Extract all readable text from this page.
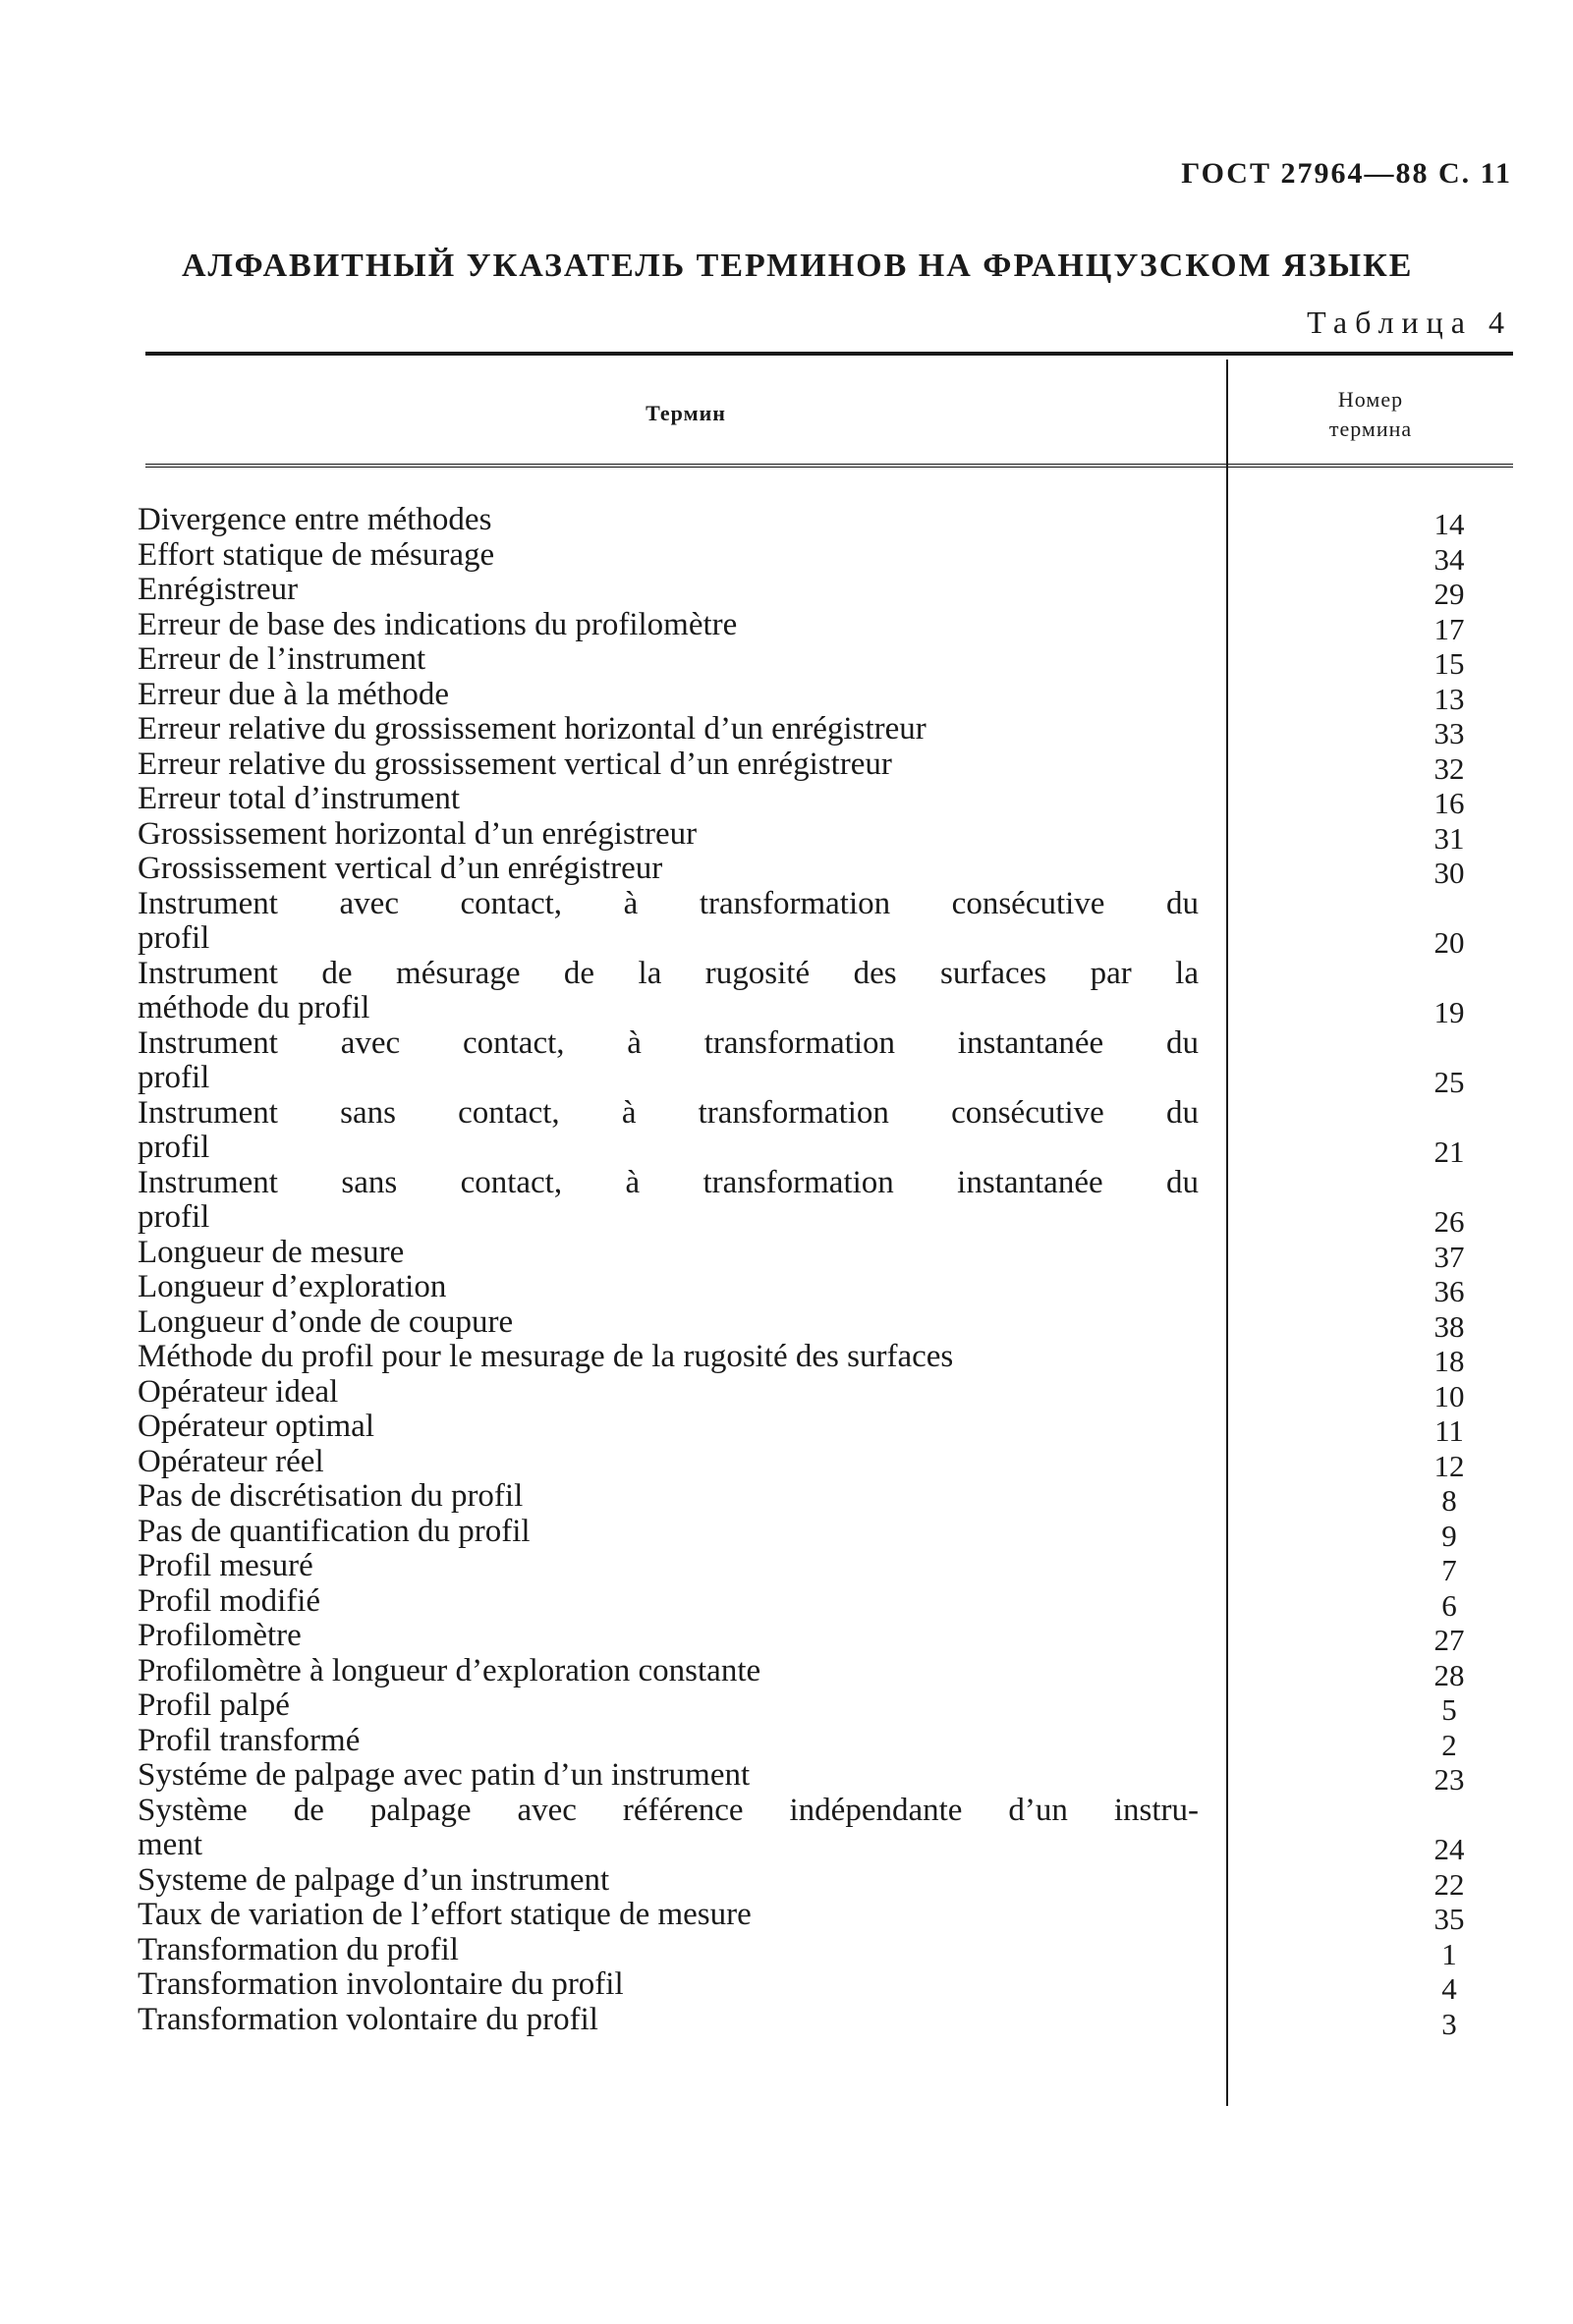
ГОСТ 27964—88 С. 11
АЛФАВИТНЫЙ УКАЗАТЕЛЬ ТЕРМИНОВ НА ФРАНЦУЗСКОМ ЯЗЫКЕ
Таблица 4
Термин
Номер
термина
Divergence entre méthodes	14
Effort statique de mésurage	34
Enrégistreur	29
Erreur de base des indications du profilomètre	17
Erreur de l’instrument	15
Erreur due à la méthode	13
Erreur relative du grossissement horizontal d’un enrégistreur	33
Erreur relative du grossissement vertical d’un enrégistreur	32
Erreur total d’instrument	16
Grossissement horizontal d’un enrégistreur	31
Grossissement vertical d’un enrégistreur	30
Instrument avec contact, à transformation consécutive du
profil	20
Instrument de mésurage de la rugosité des surfaces par la
méthode du profil	19
Instrument avec contact, à transformation instantanée du
profil	25
Instrument sans contact, à transformation consécutive du
profil	21
Instrument sans contact, à transformation instantanée du
profil	26
Longueur de mesure	37
Longueur d’exploration	36
Longueur d’onde de coupure	38
Méthode du profil pour le mesurage de la rugosité des surfaces	18
Opérateur ideal	10
Opérateur optimal	11
Opérateur réel	12
Pas de discrétisation du profil	8
Pas de quantification du profil	9
Profil mesuré	7
Profil modifié	6
Profilomètre	27
Profilomètre à longueur d’exploration constante	28
Profil palpé	5
Profil transformé	2
Systéme de palpage avec patin d’un instrument	23
Système de palpage avec référence indépendante d’un instru-
ment	24
Systeme de palpage d’un instrument	22
Taux de variation de l’effort statique de mesure	35
Transformation du profil	1
Transformation involontaire du profil	4
Transformation volontaire du profil	3
